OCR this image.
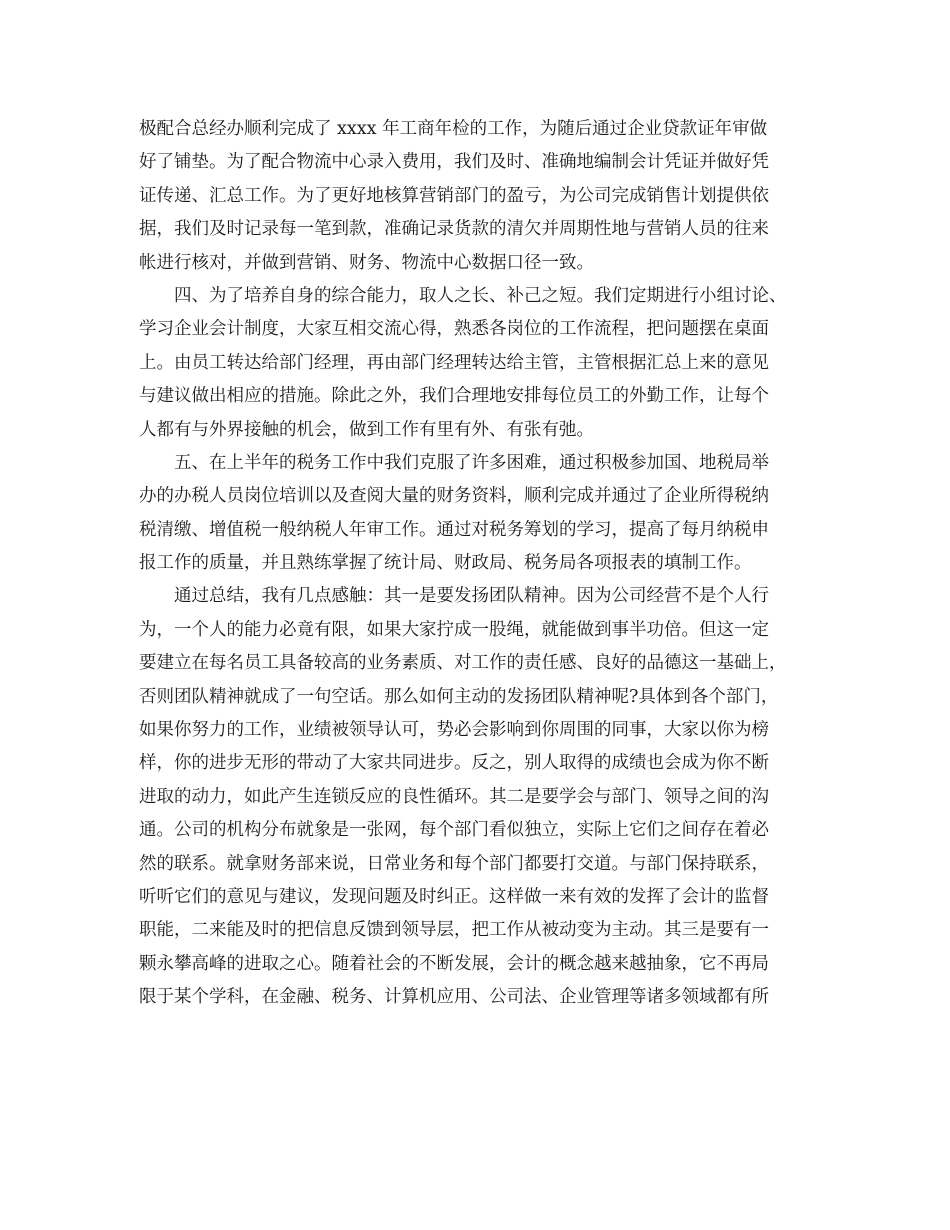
极配合总经办顺利完成了 xxxx 年工商年检的工作，为随后通过企业贷款证年审做
好了铺垫。为了配合物流中心录入费用，我们及时、准确地编制会计凭证并做好凭
证传递、汇总工作。为了更好地核算营销部门的盈亏，为公司完成销售计划提供依
据，我们及时记录每一笔到款，准确记录货款的清欠并周期性地与营销人员的往来
帐进行核对，并做到营销、财务、物流中心数据口径一致。
　　四、为了培养自身的综合能力，取人之长、补己之短。我们定期进行小组讨论、
学习企业会计制度，大家互相交流心得，熟悉各岗位的工作流程，把问题摆在桌面
上。由员工转达给部门经理，再由部门经理转达给主管，主管根据汇总上来的意见
与建议做出相应的措施。除此之外，我们合理地安排每位员工的外勤工作，让每个
人都有与外界接触的机会，做到工作有里有外、有张有弛。
　　五、在上半年的税务工作中我们克服了许多困难，通过积极参加国、地税局举
办的办税人员岗位培训以及查阅大量的财务资料，顺利完成并通过了企业所得税纳
税清缴、增值税一般纳税人年审工作。通过对税务筹划的学习，提高了每月纳税申
报工作的质量，并且熟练掌握了统计局、财政局、税务局各项报表的填制工作。
　　通过总结，我有几点感触：其一是要发扬团队精神。因为公司经营不是个人行
为，一个人的能力必竟有限，如果大家拧成一股绳，就能做到事半功倍。但这一定
要建立在每名员工具备较高的业务素质、对工作的责任感、良好的品德这一基础上，
否则团队精神就成了一句空话。那么如何主动的发扬团队精神呢?具体到各个部门，
如果你努力的工作，业绩被领导认可，势必会影响到你周围的同事，大家以你为榜
样，你的进步无形的带动了大家共同进步。反之，别人取得的成绩也会成为你不断
进取的动力，如此产生连锁反应的良性循环。其二是要学会与部门、领导之间的沟
通。公司的机构分布就象是一张网，每个部门看似独立，实际上它们之间存在着必
然的联系。就拿财务部来说，日常业务和每个部门都要打交道。与部门保持联系，
听听它们的意见与建议，发现问题及时纠正。这样做一来有效的发挥了会计的监督
职能，二来能及时的把信息反馈到领导层，把工作从被动变为主动。其三是要有一
颗永攀高峰的进取之心。随着社会的不断发展，会计的概念越来越抽象，它不再局
限于某个学科，在金融、税务、计算机应用、公司法、企业管理等诸多领域都有所
